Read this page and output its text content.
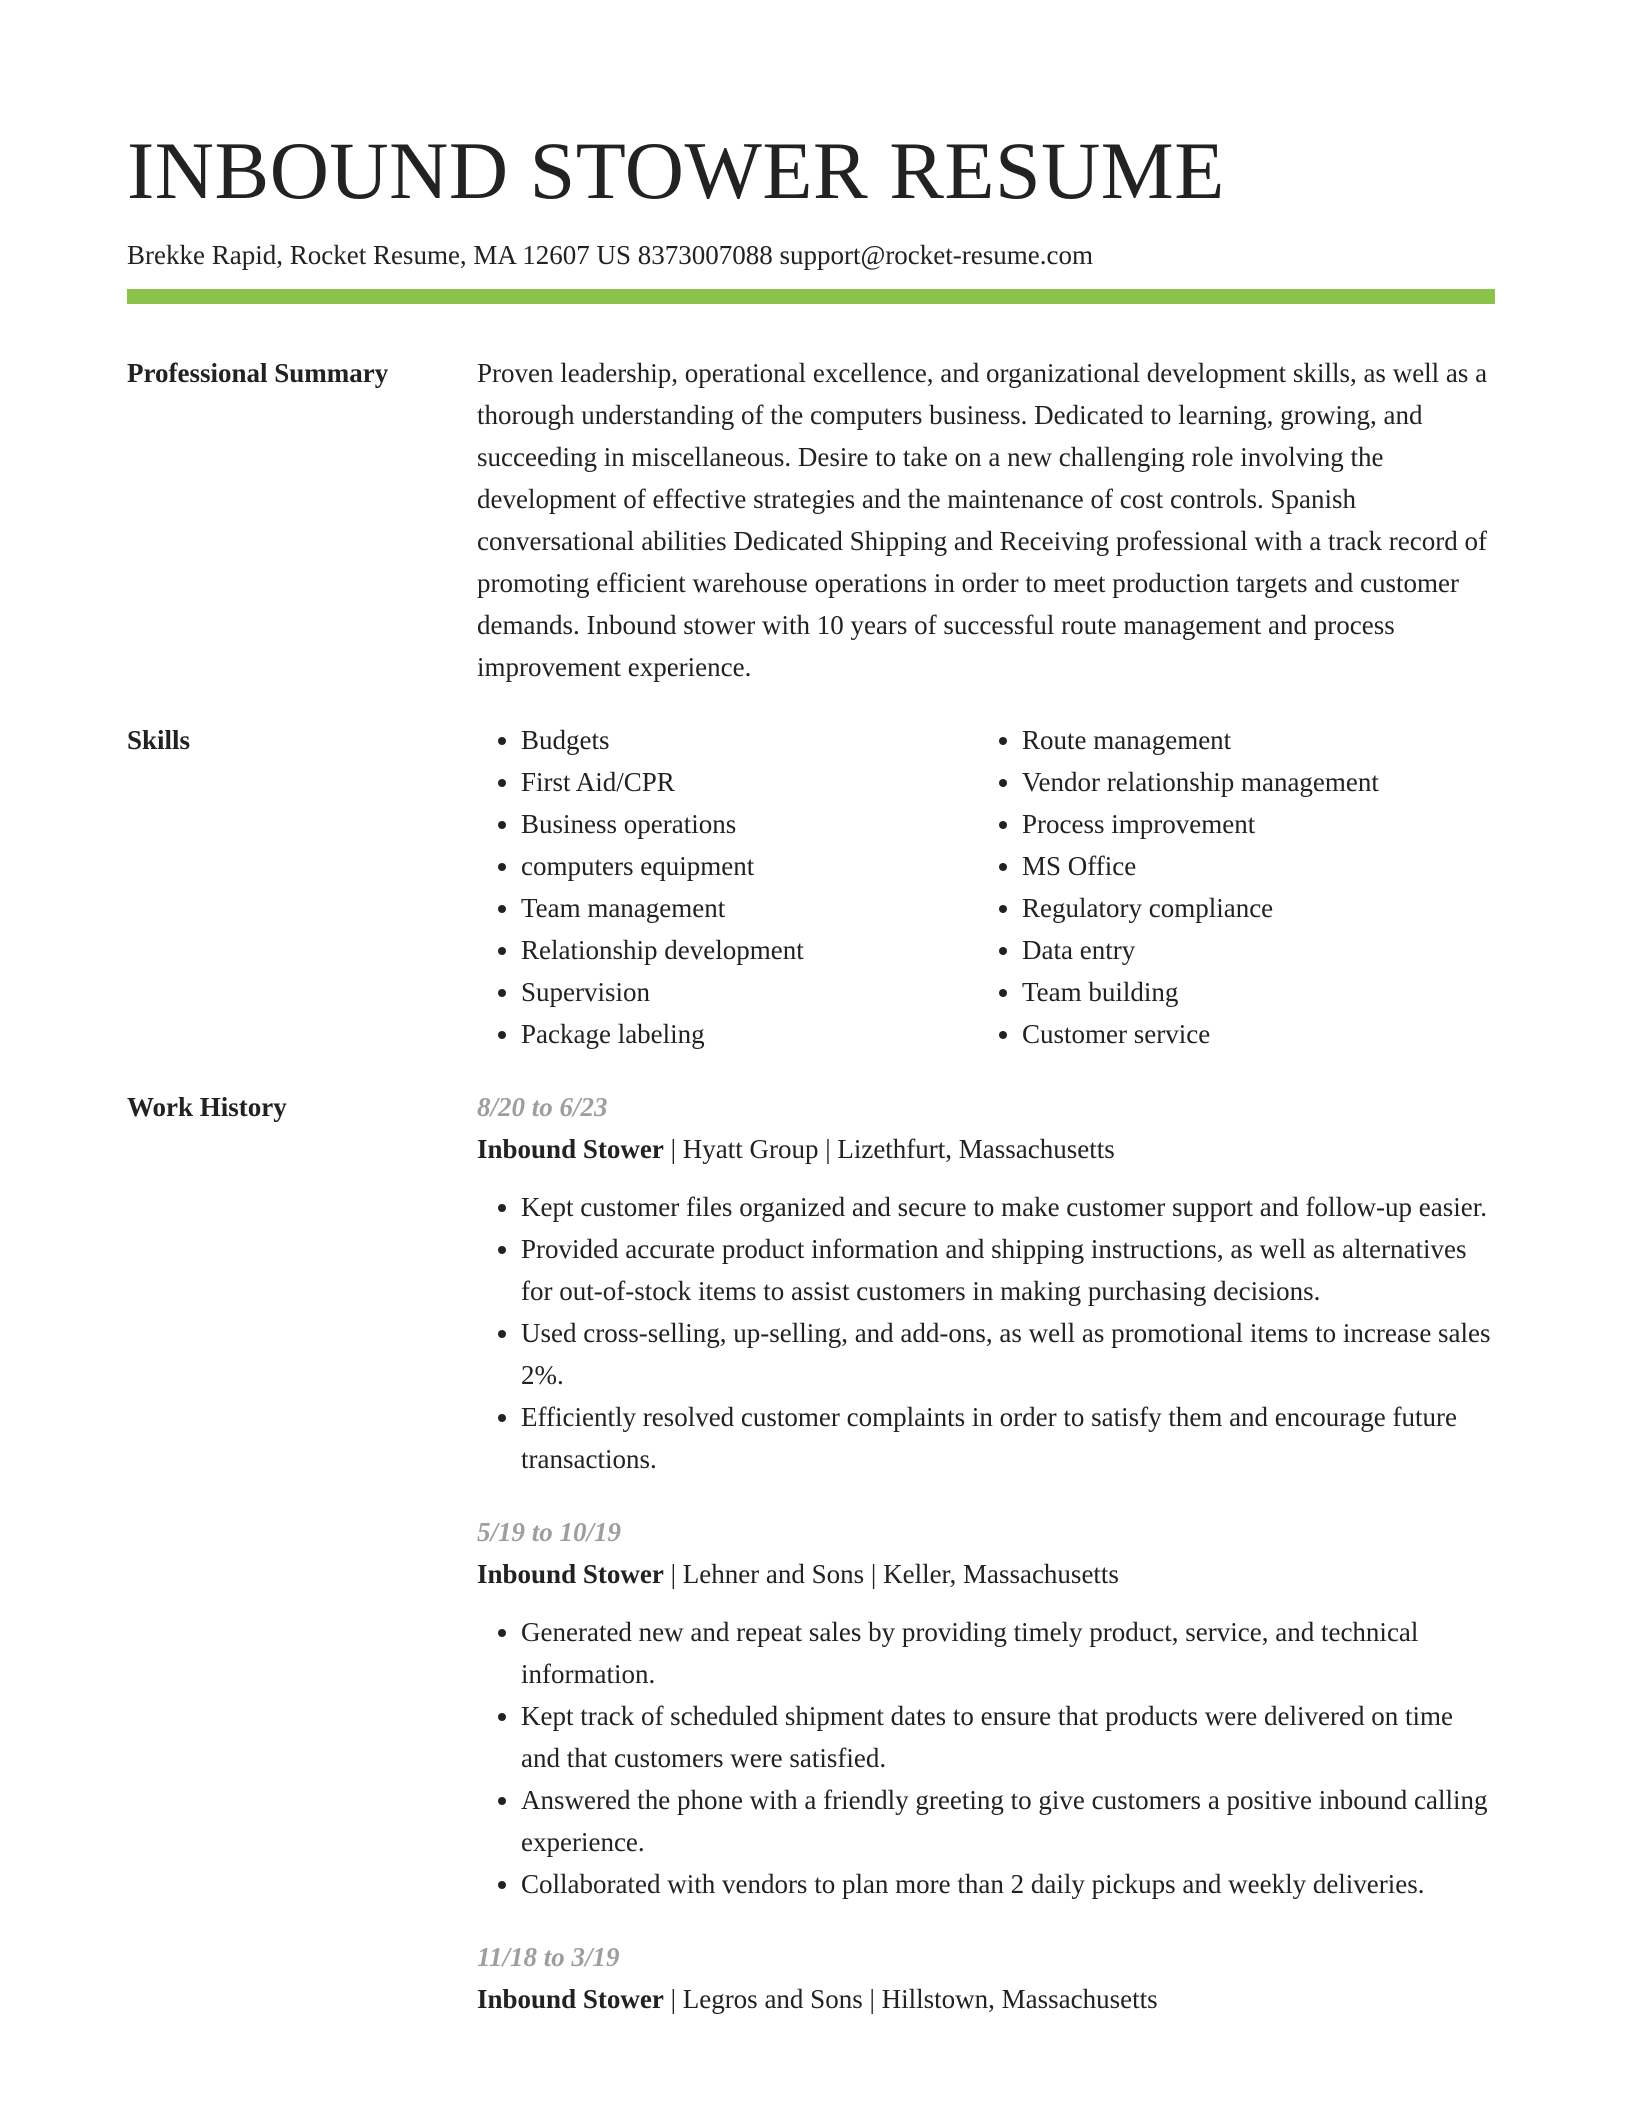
INBOUND STOWER RESUME
Brekke Rapid, Rocket Resume, MA 12607 US 8373007088 support@rocket-resume.com
Professional Summary	Proven leadership, operational excellence, and organizational development skills, as well as a thorough understanding of the computers business. Dedicated to learning, growing, and succeeding in miscellaneous. Desire to take on a new challenging role involving the development of effective strategies and the maintenance of cost controls. Spanish conversational abilities Dedicated Shipping and Receiving professional with a track record of promoting efficient warehouse operations in order to meet production targets and customer demands. Inbound stower with 10 years of successful route management and process improvement experience.
Skills
•	Budgets
• First Aid/CPR
• Business operations
• computers equipment
• Team management
• Relationship development
• Supervision
• Package labeling
• Route management
• Vendor relationship management
• Process improvement
• MS Office
• Regulatory compliance
• Data entry
• Team building
• Customer service
Work History	8/20 to 6/23
Inbound Stower | Hyatt Group | Lizethfurt, Massachusetts
• Kept customer files organized and secure to make customer support and follow-up easier.
• Provided accurate product information and shipping instructions, as well as alternatives for out-of-stock items to assist customers in making purchasing decisions.
• Used cross-selling, up-selling, and add-ons, as well as promotional items to increase sales 2%.
• Efficiently resolved customer complaints in order to satisfy them and encourage future transactions.
5/19 to 10/19
Inbound Stower | Lehner and Sons | Keller, Massachusetts
• Generated new and repeat sales by providing timely product, service, and technical information.
• Kept track of scheduled shipment dates to ensure that products were delivered on time and that customers were satisfied.
• Answered the phone with a friendly greeting to give customers a positive inbound calling experience.
• Collaborated with vendors to plan more than 2 daily pickups and weekly deliveries.
11/18 to 3/19
Inbound Stower | Legros and Sons | Hillstown, Massachusetts
